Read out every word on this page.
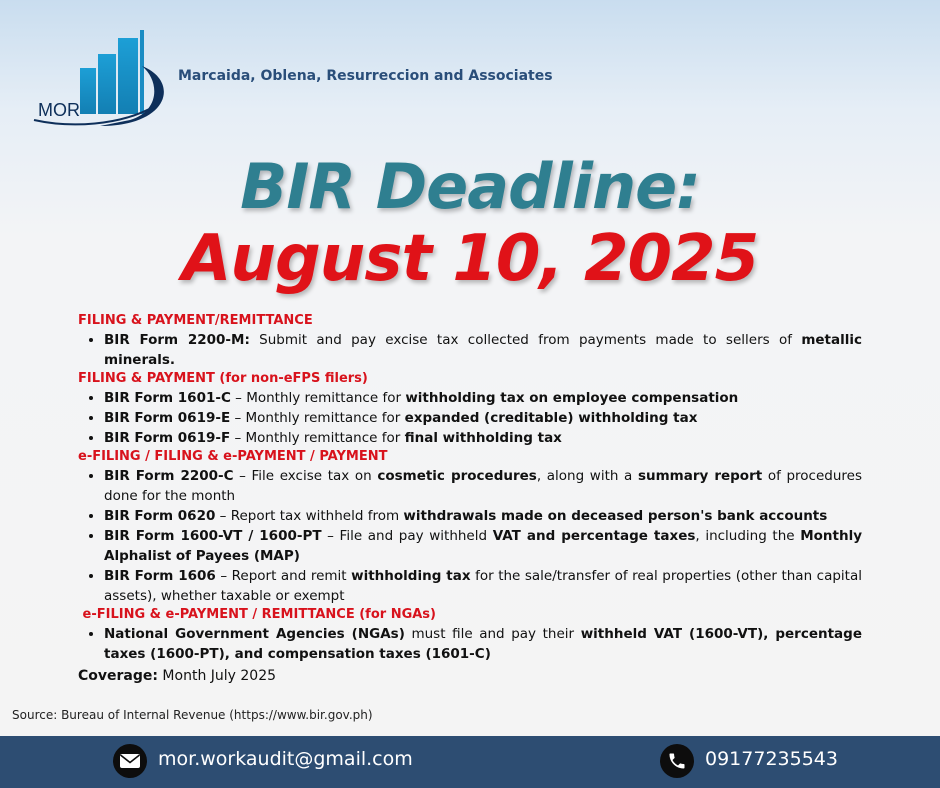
MOR
Marcaida, Oblena, Resurreccion and Associates
BIR Deadline:
August 10, 2025

FILING & PAYMENT/REMITTANCE

• BIR Form 2200-M: Submit and pay excise tax collected from payments made to sellers of metallic minerals.

FILING & PAYMENT (for non-eFPS filers)

• BIR Form 1601-C – Monthly remittance for withholding tax on employee compensation
• BIR Form 0619-E – Monthly remittance for expanded (creditable) withholding tax
• BIR Form 0619-F – Monthly remittance for final withholding tax

e-FILING / FILING & e-PAYMENT / PAYMENT

• BIR Form 2200-C – File excise tax on cosmetic procedures, along with a summary report of procedures done for the month
• BIR Form 0620 – Report tax withheld from withdrawals made on deceased person's bank accounts
• BIR Form 1600-VT / 1600-PT – File and pay withheld VAT and percentage taxes, including the Monthly Alphalist of Payees (MAP)
• BIR Form 1606 – Report and remit withholding tax for the sale/transfer of real properties (other than capital assets), whether taxable or exempt

e-FILING & e-PAYMENT / REMITTANCE (for NGAs)

• National Government Agencies (NGAs) must file and pay their withheld VAT (1600-VT), percentage taxes (1600-PT), and compensation taxes (1601-C)
Coverage: Month July 2025
Source: Bureau of Internal Revenue (https://www.bir.gov.ph)
mor.workaudit@gmail.com	09177235543
